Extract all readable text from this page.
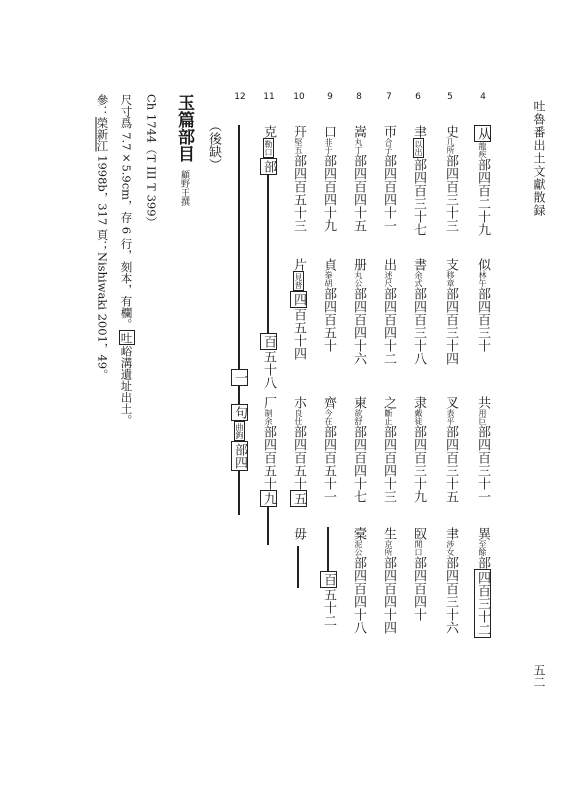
吐魯番出土文獻散録
五二
4
5
6
7
8
9
10
11
12
从龍疾部四百二十九
似林午部四百三十
共用巨部四百三十一
異至餘部四百三十二
史几所部四百三十三
支移章部四百三十四
叉表平部四百三十五
聿涉女部四百三十六
聿以出部四百三十七
書余式部四百三十八
隶戴徒部四百三十九
臤閒口部四百四十
帀合子部四百四十一
出述尺部四百四十二
之斷止部四百四十三
生京所部四百四十四
嵩丸丁部四百四十五
册丸公部四百四十六
東欲舒部四百四十七
槖泥公部四百四十八
口非于部四百四十九
貞拳胡部四百五十
齊今在部四百五十一
百五十二
幵堅五部四百五十三
片見普四百五十四
朩良仕部四百五十五
毋
克勒口部百五十八
厂制余部四百五十九
一
句曲鉤部四
（後缺）
玉篇部目顧野王撰
Ch 1744（T III T 399）
尺寸爲 7.7×5.9cm，存 6 行，刻本，有欄。吐峪溝遺址出土。
參：榮新江 1998b，317 頁；Nishiwaki 2001，49。
